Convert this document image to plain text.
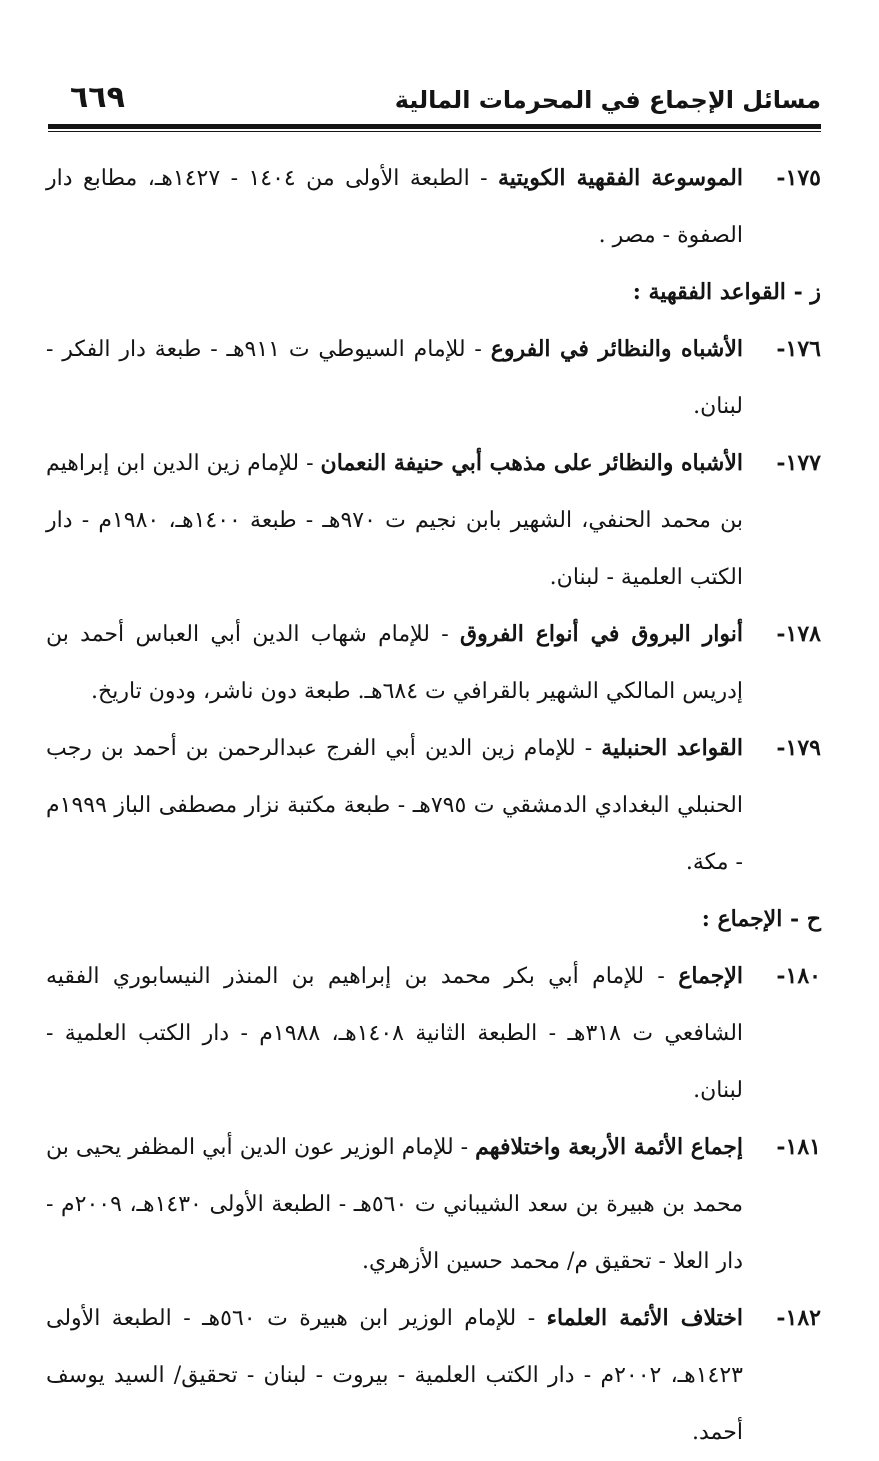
مسائل الإجماع في المحرمات المالية
٦٦٩
١٧٥-
الموسوعة الفقهية الكويتية - الطبعة الأولى من ١٤٠٤ - ١٤٢٧هـ، مطابع دار الصفوة - مصر .
ز - القواعد الفقهية :
١٧٦-
الأشباه والنظائر في الفروع - للإمام السيوطي ت ٩١١هـ - طبعة دار الفكر - لبنان.
١٧٧-
الأشباه والنظائر على مذهب أبي حنيفة النعمان - للإمام زين الدين ابن إبراهيم بن محمد الحنفي، الشهير بابن نجيم ت ٩٧٠هـ - طبعة ١٤٠٠هـ، ١٩٨٠م - دار الكتب العلمية - لبنان.
١٧٨-
أنوار البروق في أنواع الفروق - للإمام شهاب الدين أبي العباس أحمد بن إدريس المالكي الشهير بالقرافي ت ٦٨٤هـ. طبعة دون ناشر، ودون تاريخ.
١٧٩-
القواعد الحنبلية - للإمام زين الدين أبي الفرج عبدالرحمن بن أحمد بن رجب الحنبلي البغدادي الدمشقي ت ٧٩٥هـ - طبعة مكتبة نزار مصطفى الباز ١٩٩٩م - مكة.
ح - الإجماع :
١٨٠-
الإجماع - للإمام أبي بكر محمد بن إبراهيم بن المنذر النيسابوري الفقيه الشافعي ت ٣١٨هـ - الطبعة الثانية ١٤٠٨هـ، ١٩٨٨م - دار الكتب العلمية - لبنان.
١٨١-
إجماع الأئمة الأربعة واختلافهم - للإمام الوزير عون الدين أبي المظفر يحيى بن محمد بن هبيرة بن سعد الشيباني ت ٥٦٠هـ - الطبعة الأولى ١٤٣٠هـ، ٢٠٠٩م - دار العلا - تحقيق م/ محمد حسين الأزهري.
١٨٢-
اختلاف الأئمة العلماء - للإمام الوزير ابن هبيرة ت ٥٦٠هـ - الطبعة الأولى ١٤٢٣هـ، ٢٠٠٢م - دار الكتب العلمية - بيروت - لبنان - تحقيق/ السيد يوسف أحمد.
